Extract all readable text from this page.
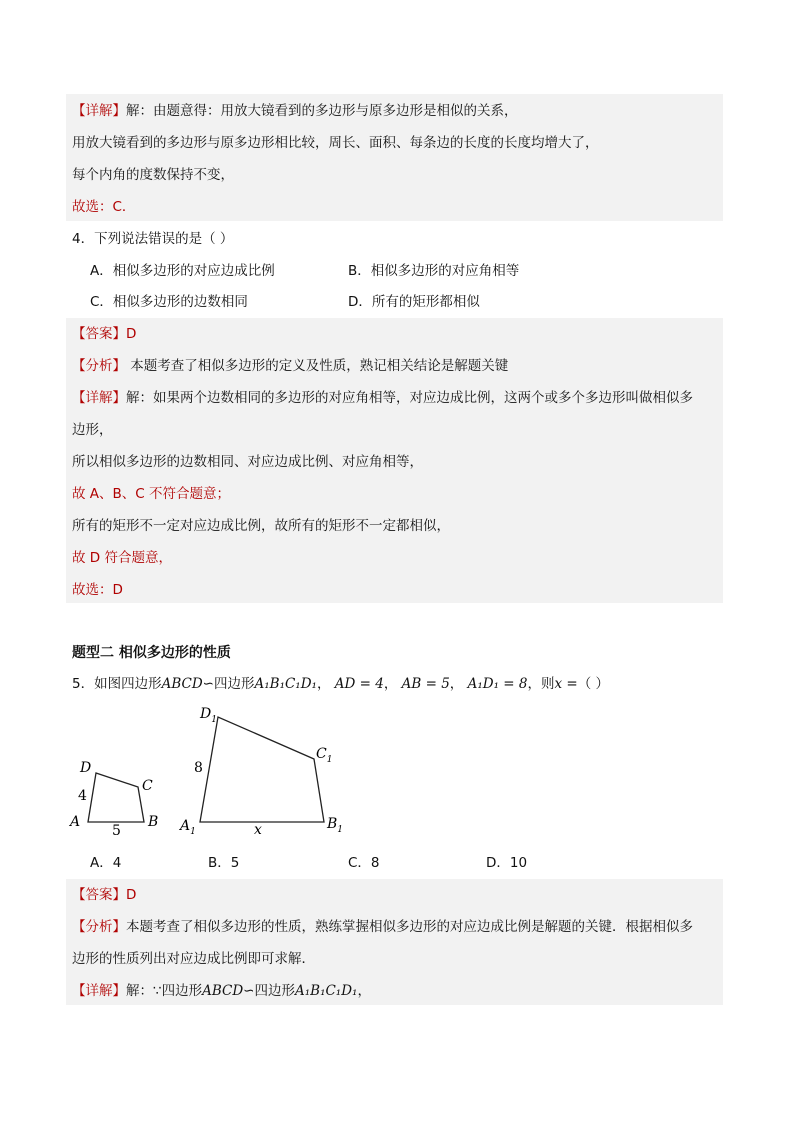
【详解】解：由题意得：用放大镜看到的多边形与原多边形是相似的关系，
用放大镜看到的多边形与原多边形相比较，周长、面积、每条边的长度的长度均增大了，
每个内角的度数保持不变，
故选：C．
4．下列说法错误的是（ ）
A．相似多边形的对应边成比例	B．相似多边形的对应角相等
C．相似多边形的边数相同	D．所有的矩形都相似
【答案】D
【分析】 本题考查了相似多边形的定义及性质，熟记相关结论是解题关键
【详解】解：如果两个边数相同的多边形的对应角相等，对应边成比例，这两个或多个多边形叫做相似多
边形，
所以相似多边形的边数相同、对应边成比例、对应角相等，
故 A、B、C 不符合题意；
所有的矩形不一定对应边成比例，故所有的矩形不一定都相似，
故 D 符合题意，
故选：D
题型二 相似多边形的性质
5．如图四边形ABCD∽四边形A₁B₁C₁D₁， AD = 4， AB = 5， A₁D₁ = 8，则x =（ ）
D
C
A	B
4
5
$D_1$
$C_1$
$A_1$	$B_1$
8
x
A．4	B．5	C．8	D．10
【答案】D
【分析】本题考查了相似多边形的性质，熟练掌握相似多边形的对应边成比例是解题的关键．根据相似多
边形的性质列出对应边成比例即可求解．
【详解】解：∵四边形ABCD∽四边形A₁B₁C₁D₁，
